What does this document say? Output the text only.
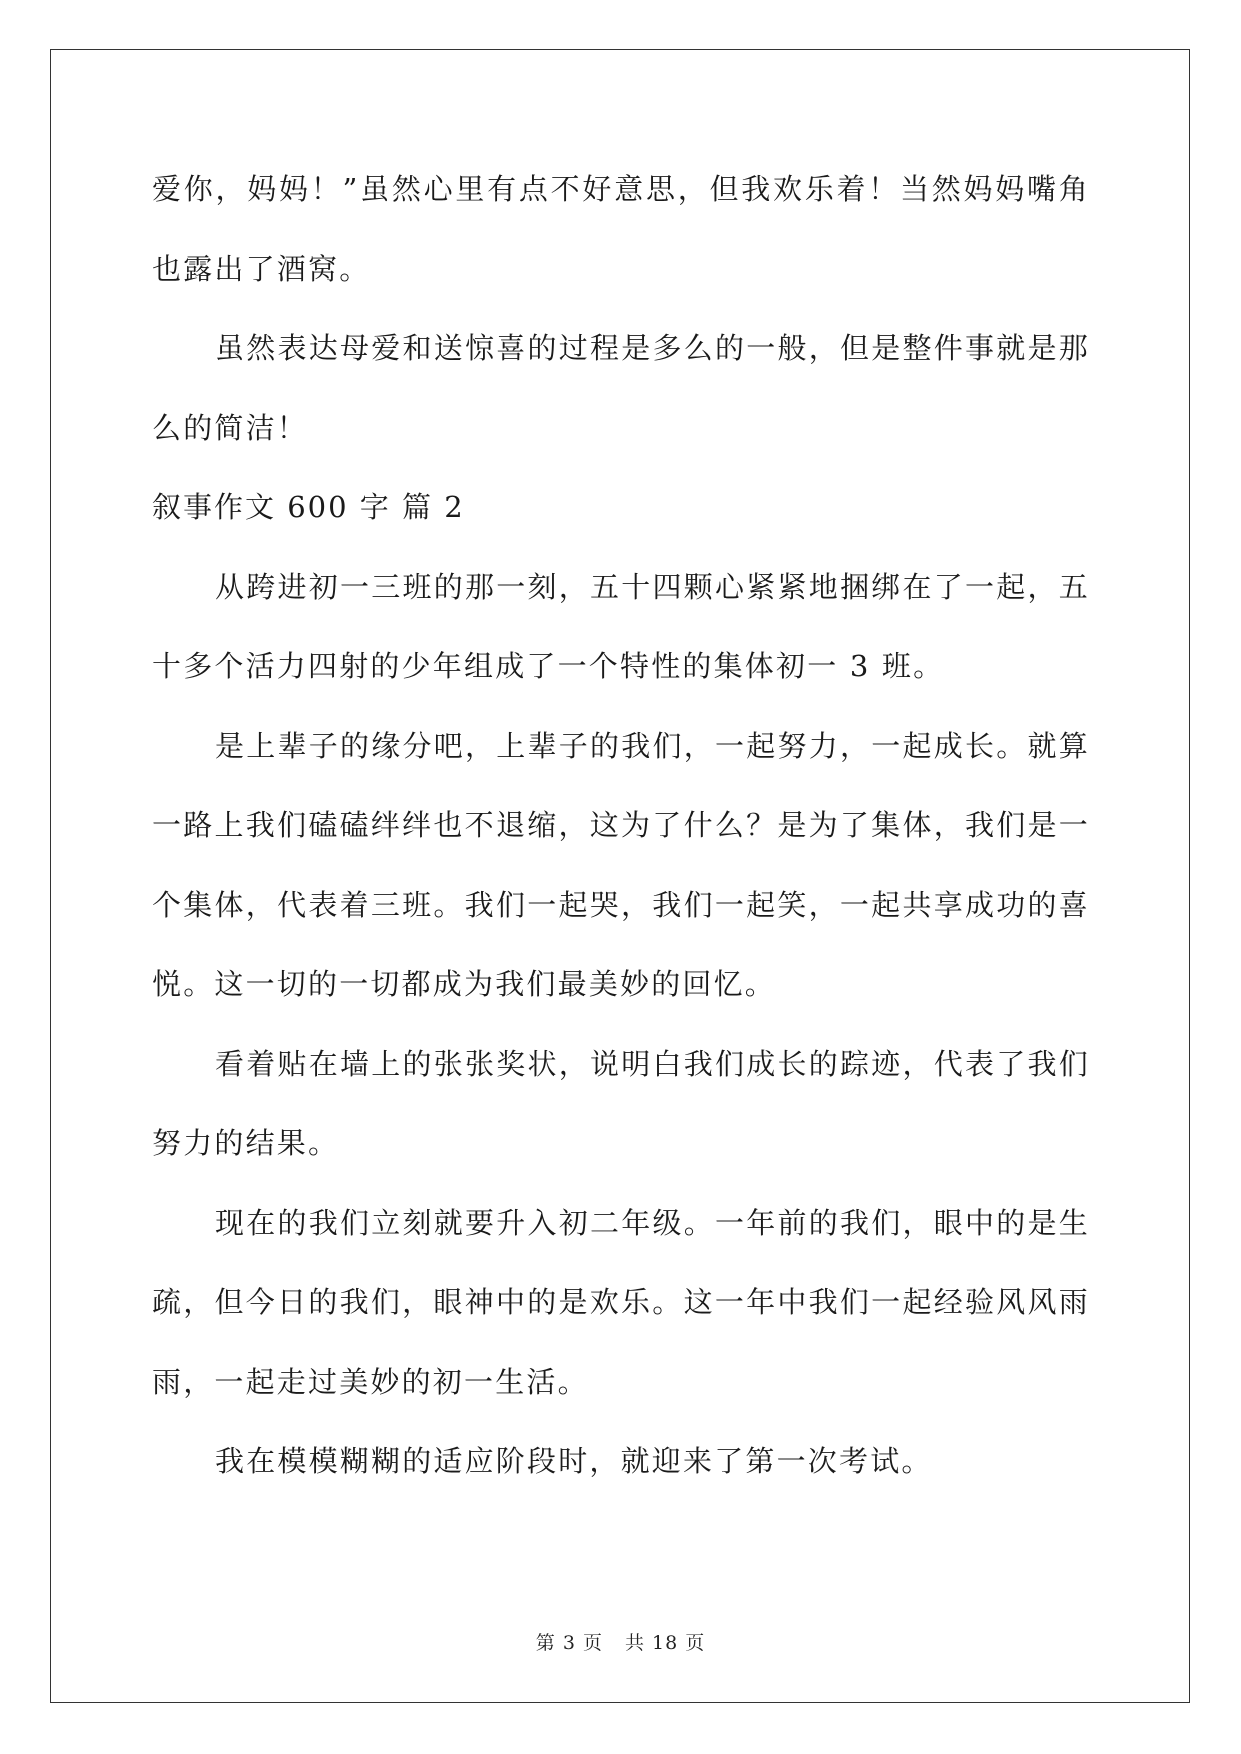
爱你，妈妈！”虽然心里有点不好意思，但我欢乐着！当然妈妈嘴角

也露出了酒窝。

虽然表达母爱和送惊喜的过程是多么的一般，但是整件事就是那

么的简洁！

叙事作文 600 字 篇 2

从跨进初一三班的那一刻，五十四颗心紧紧地捆绑在了一起，五

十多个活力四射的少年组成了一个特性的集体初一 3 班。

是上辈子的缘分吧，上辈子的我们，一起努力，一起成长。就算

一路上我们磕磕绊绊也不退缩，这为了什么？是为了集体，我们是一

个集体，代表着三班。我们一起哭，我们一起笑，一起共享成功的喜

悦。这一切的一切都成为我们最美妙的回忆。

看着贴在墙上的张张奖状，说明白我们成长的踪迹，代表了我们

努力的结果。

现在的我们立刻就要升入初二年级。一年前的我们，眼中的是生

疏，但今日的我们，眼神中的是欢乐。这一年中我们一起经验风风雨

雨，一起走过美妙的初一生活。

我在模模糊糊的适应阶段时，就迎来了第一次考试。

第 3 页 共 18 页
